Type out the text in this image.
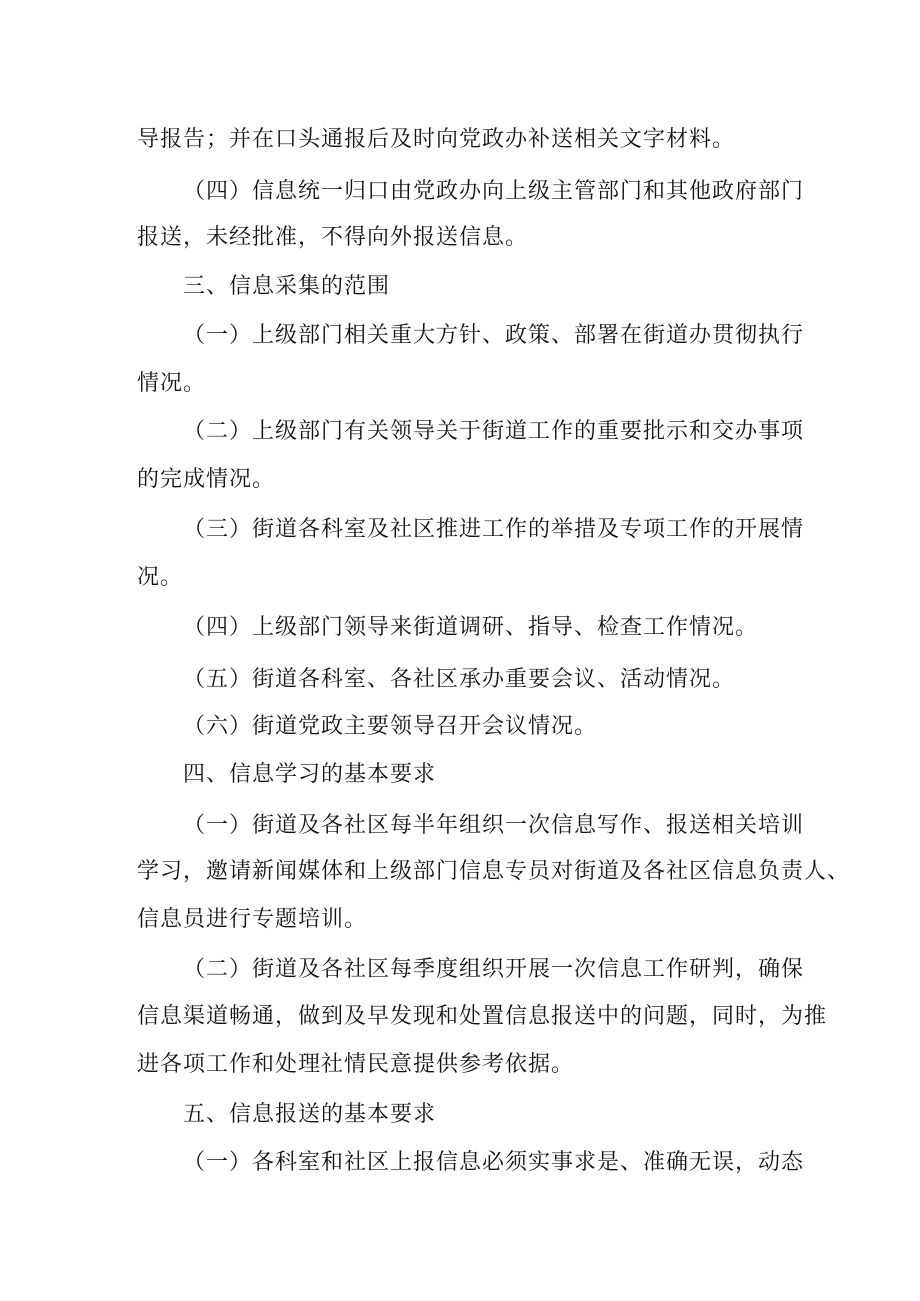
导报告；并在口头通报后及时向党政办补送相关文字材料。
（四）信息统一归口由党政办向上级主管部门和其他政府部门
报送，未经批准，不得向外报送信息。
三、信息采集的范围
（一）上级部门相关重大方针、政策、部署在街道办贯彻执行
情况。
（二）上级部门有关领导关于街道工作的重要批示和交办事项
的完成情况。
（三）街道各科室及社区推进工作的举措及专项工作的开展情
况。
（四）上级部门领导来街道调研、指导、检查工作情况。
（五）街道各科室、各社区承办重要会议、活动情况。
（六）街道党政主要领导召开会议情况。
四、信息学习的基本要求
（一）街道及各社区每半年组织一次信息写作、报送相关培训
学习，邀请新闻媒体和上级部门信息专员对街道及各社区信息负责人、
信息员进行专题培训。
（二）街道及各社区每季度组织开展一次信息工作研判，确保
信息渠道畅通，做到及早发现和处置信息报送中的问题，同时，为推
进各项工作和处理社情民意提供参考依据。
五、信息报送的基本要求
（一）各科室和社区上报信息必须实事求是、准确无误，动态
